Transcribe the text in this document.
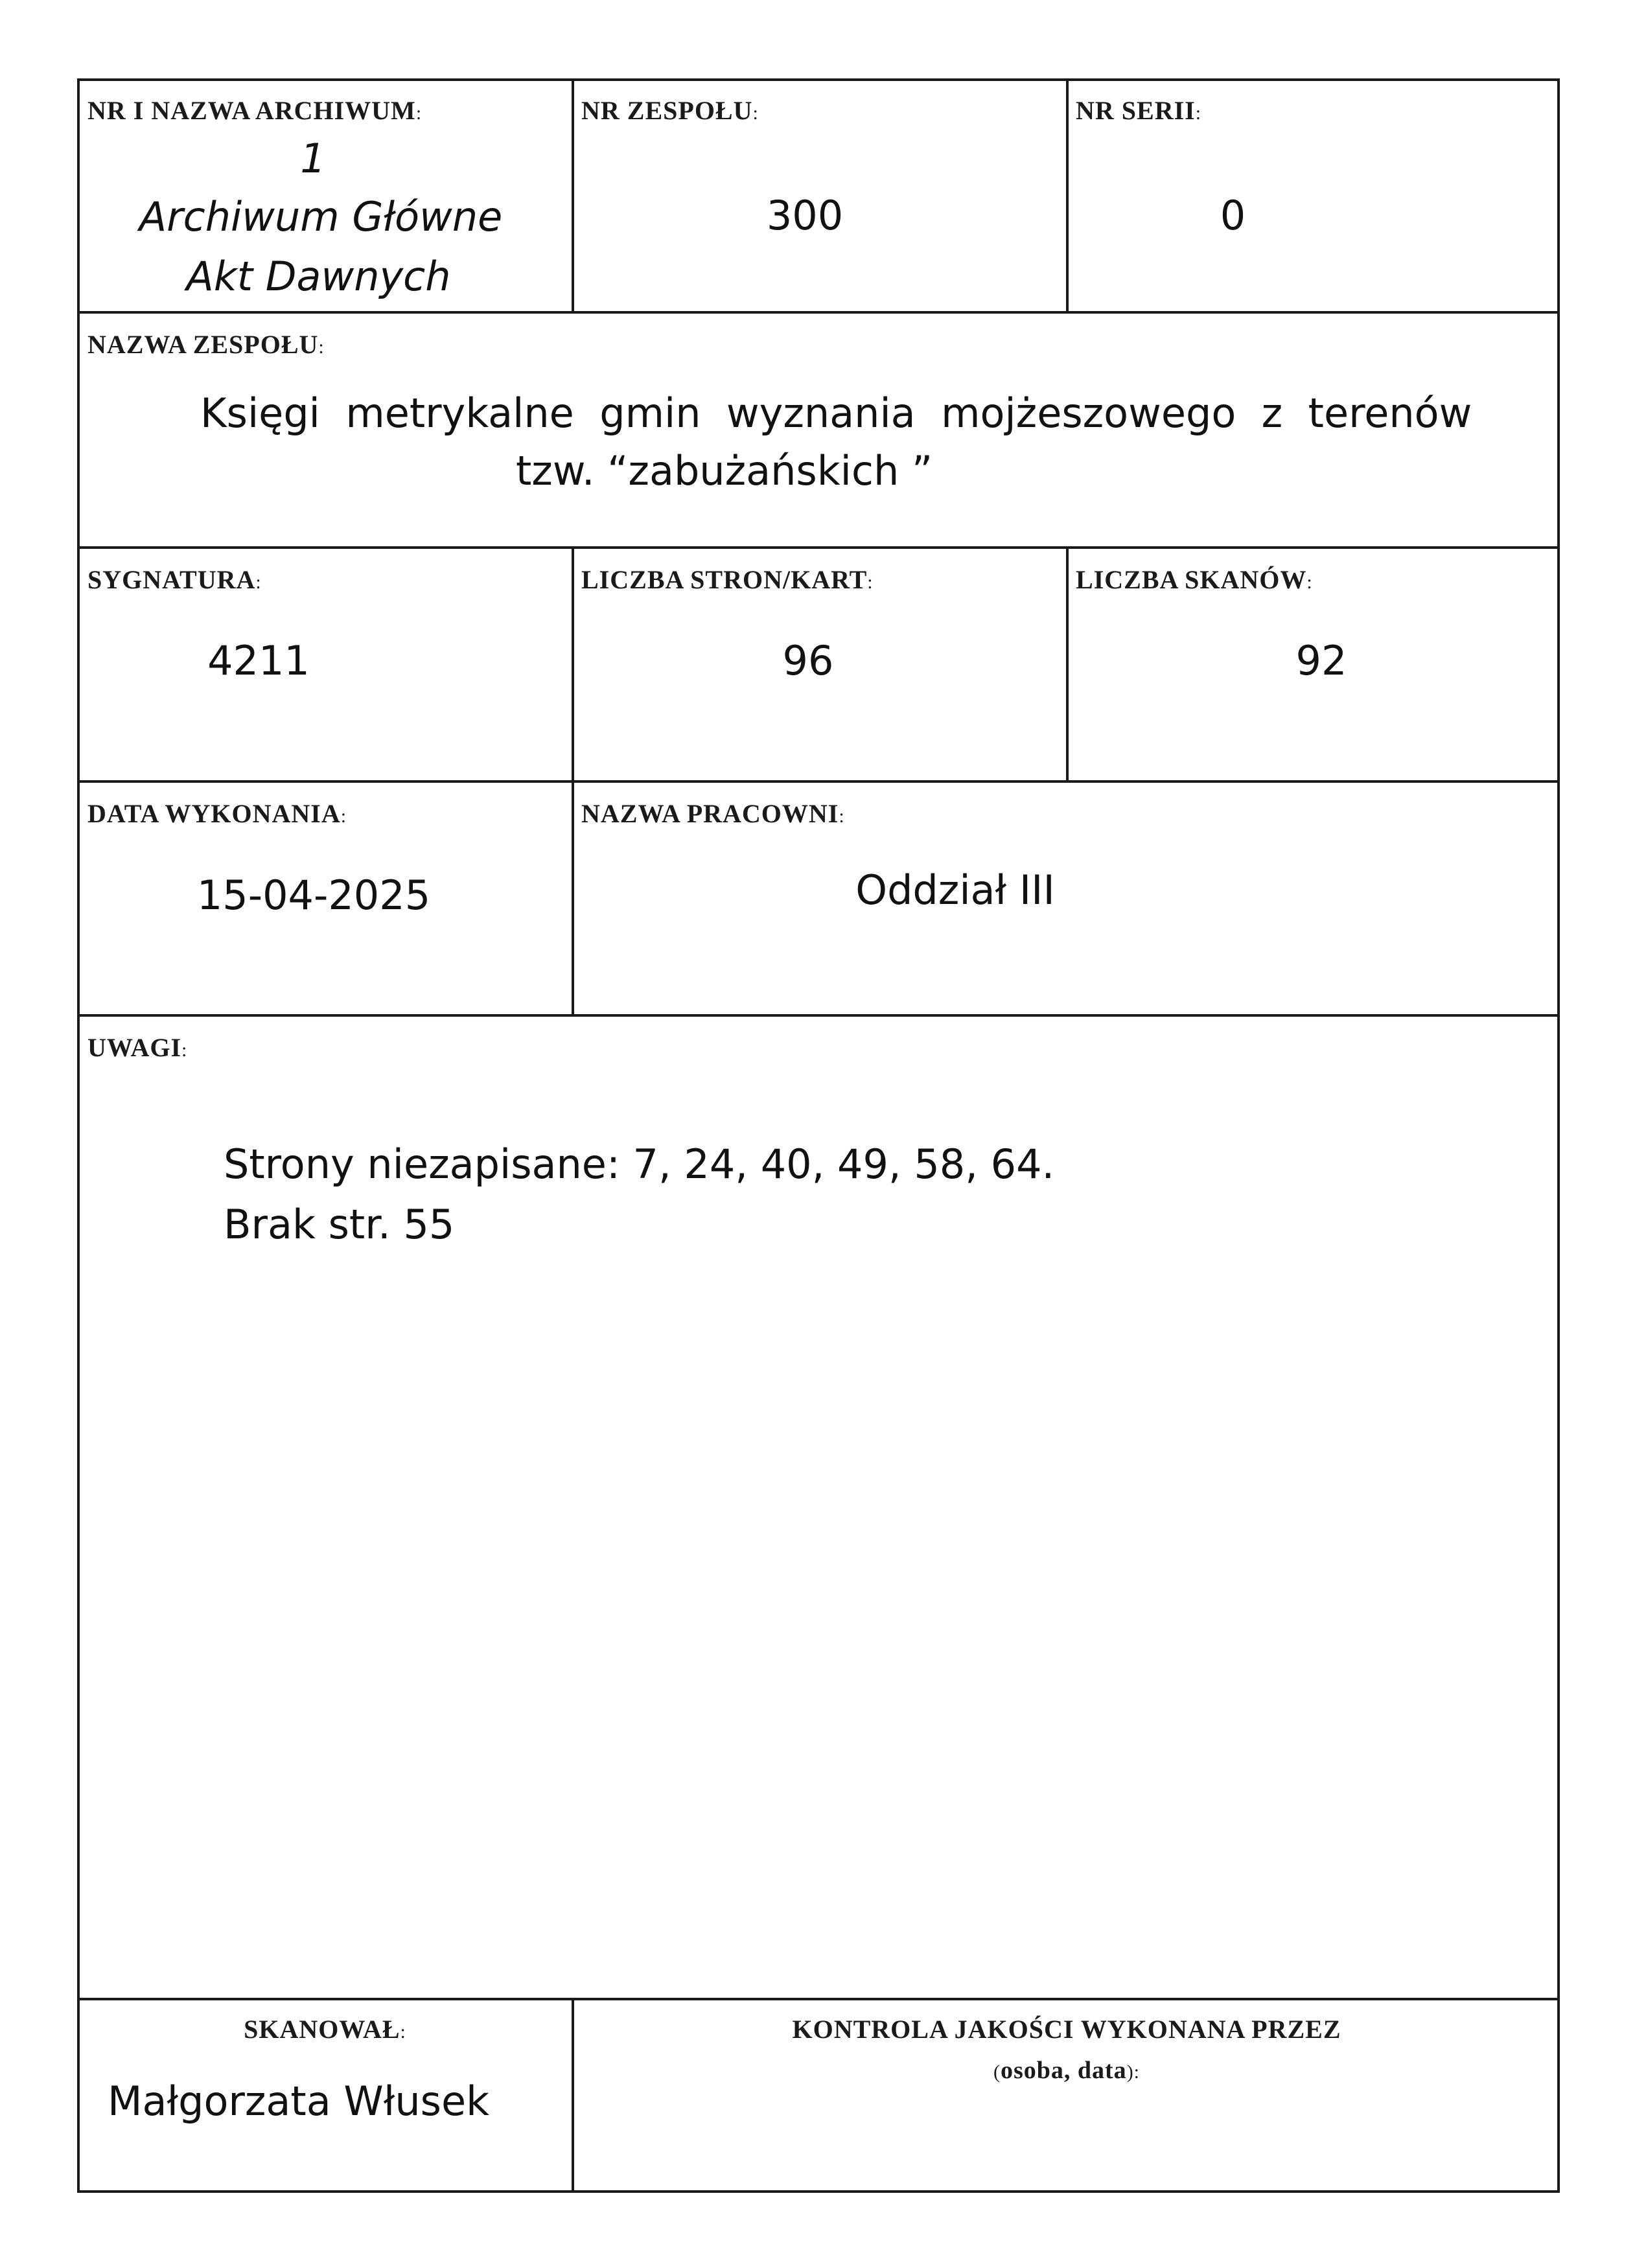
NR I NAZWA ARCHIWUM:
1
Archiwum Główne
Akt Dawnych
NR ZESPOŁU:
300
NR SERII:
0
NAZWA ZESPOŁU:
Księgi  metrykalne  gmin  wyznania  mojżeszowego  z  terenów
tzw. “zabużańskich ”
SYGNATURA:
4211
LICZBA STRON/KART:
96
LICZBA SKANÓW:
92
DATA WYKONANIA:
15-04-2025
NAZWA PRACOWNI:
Oddział III
UWAGI:
Strony niezapisane: 7, 24, 40, 49, 58, 64.
Brak str. 55
SKANOWAŁ:
Małgorzata Włusek
KONTROLA JAKOŚCI WYKONANA PRZEZ
(osoba, data):
